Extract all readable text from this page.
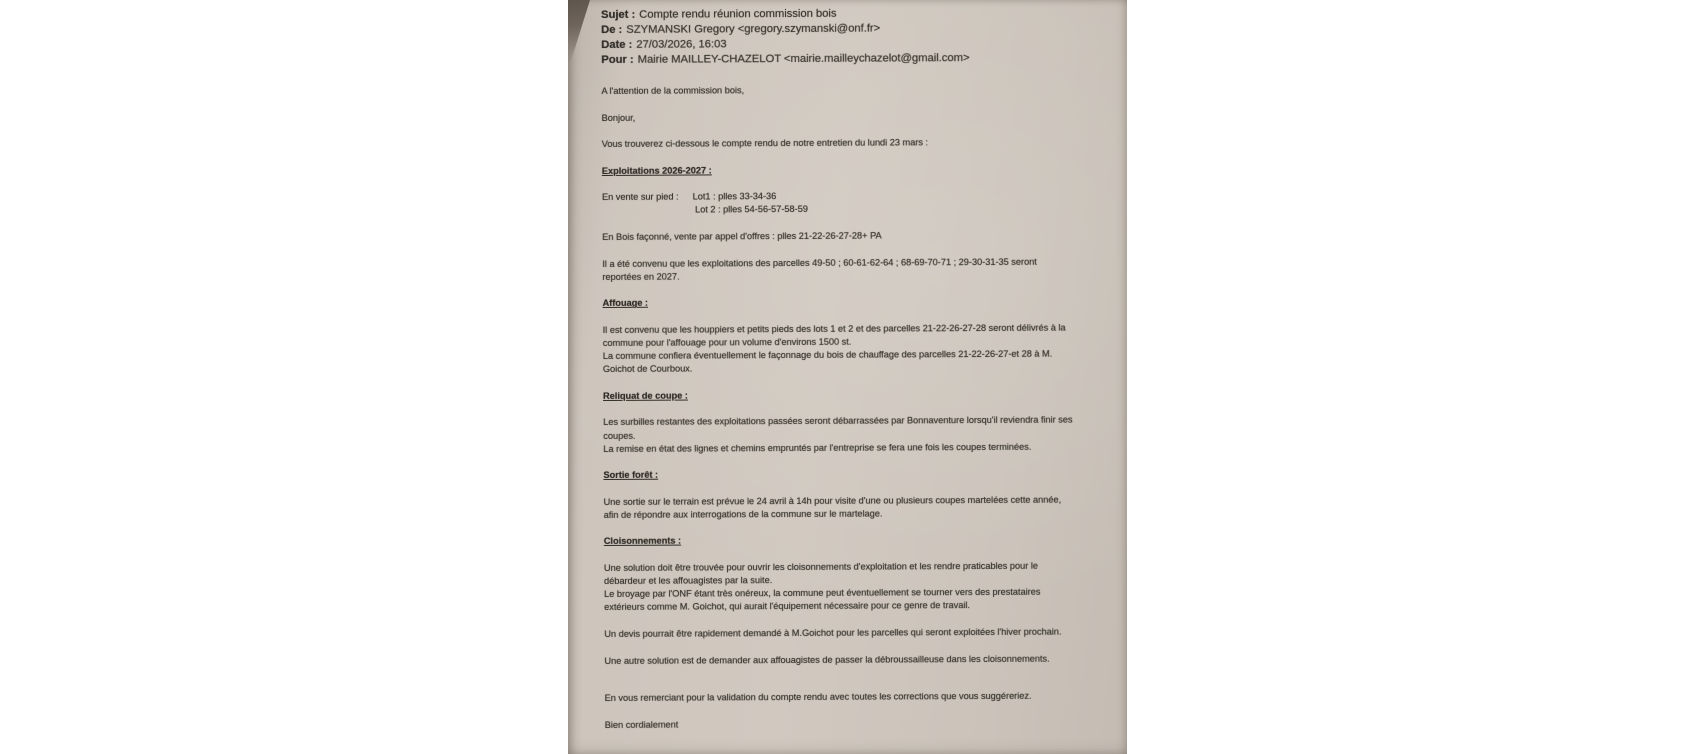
Sujet : Compte rendu réunion commission bois
De : SZYMANSKI Gregory <gregory.szymanski@onf.fr>
Date : 27/03/2026, 16:03
Pour : Mairie MAILLEY-CHAZELOT <mairie.mailleychazelot@gmail.com>
A l'attention de la commission bois,
Bonjour,
Vous trouverez ci-dessous le compte rendu de notre entretien du lundi 23 mars :
Exploitations 2026-2027 :
En vente sur pied : Lot1 : plles 33-34-36
Lot 2 : plles 54-56-57-58-59
En Bois façonné, vente par appel d'offres : plles 21-22-26-27-28+ PA
Il a été convenu que les exploitations des parcelles 49-50 ; 60-61-62-64 ; 68-69-70-71 ; 29-30-31-35 seront
reportées en 2027.
Affouage :
Il est convenu que les houppiers et petits pieds des lots 1 et 2 et des parcelles 21-22-26-27-28 seront délivrés à la
commune pour l'affouage pour un volume d'environs 1500 st.
La commune confiera éventuellement le façonnage du bois de chauffage des parcelles 21-22-26-27-et 28 à M.
Goichot de Courboux.
Reliquat de coupe :
Les surbilles restantes des exploitations passées seront débarrassées par Bonnaventure lorsqu'il reviendra finir ses
coupes.
La remise en état des lignes et chemins empruntés par l'entreprise se fera une fois les coupes terminées.
Sortie forêt :
Une sortie sur le terrain est prévue le 24 avril à 14h pour visite d'une ou plusieurs coupes martelées cette année,
afin de répondre aux interrogations de la commune sur le martelage.
Cloisonnements :
Une solution doit être trouvée pour ouvrir les cloisonnements d'exploitation et les rendre praticables pour le
débardeur et les affouagistes par la suite.
Le broyage par l'ONF étant très onéreux, la commune peut éventuellement se tourner vers des prestataires
extérieurs comme M. Goichot, qui aurait l'équipement nécessaire pour ce genre de travail.
Un devis pourrait être rapidement demandé à M.Goichot pour les parcelles qui seront exploitées l'hiver prochain.
Une autre solution est de demander aux affouagistes de passer la débroussailleuse dans les cloisonnements.
En vous remerciant pour la validation du compte rendu avec toutes les corrections que vous suggéreriez.
Bien cordialement
